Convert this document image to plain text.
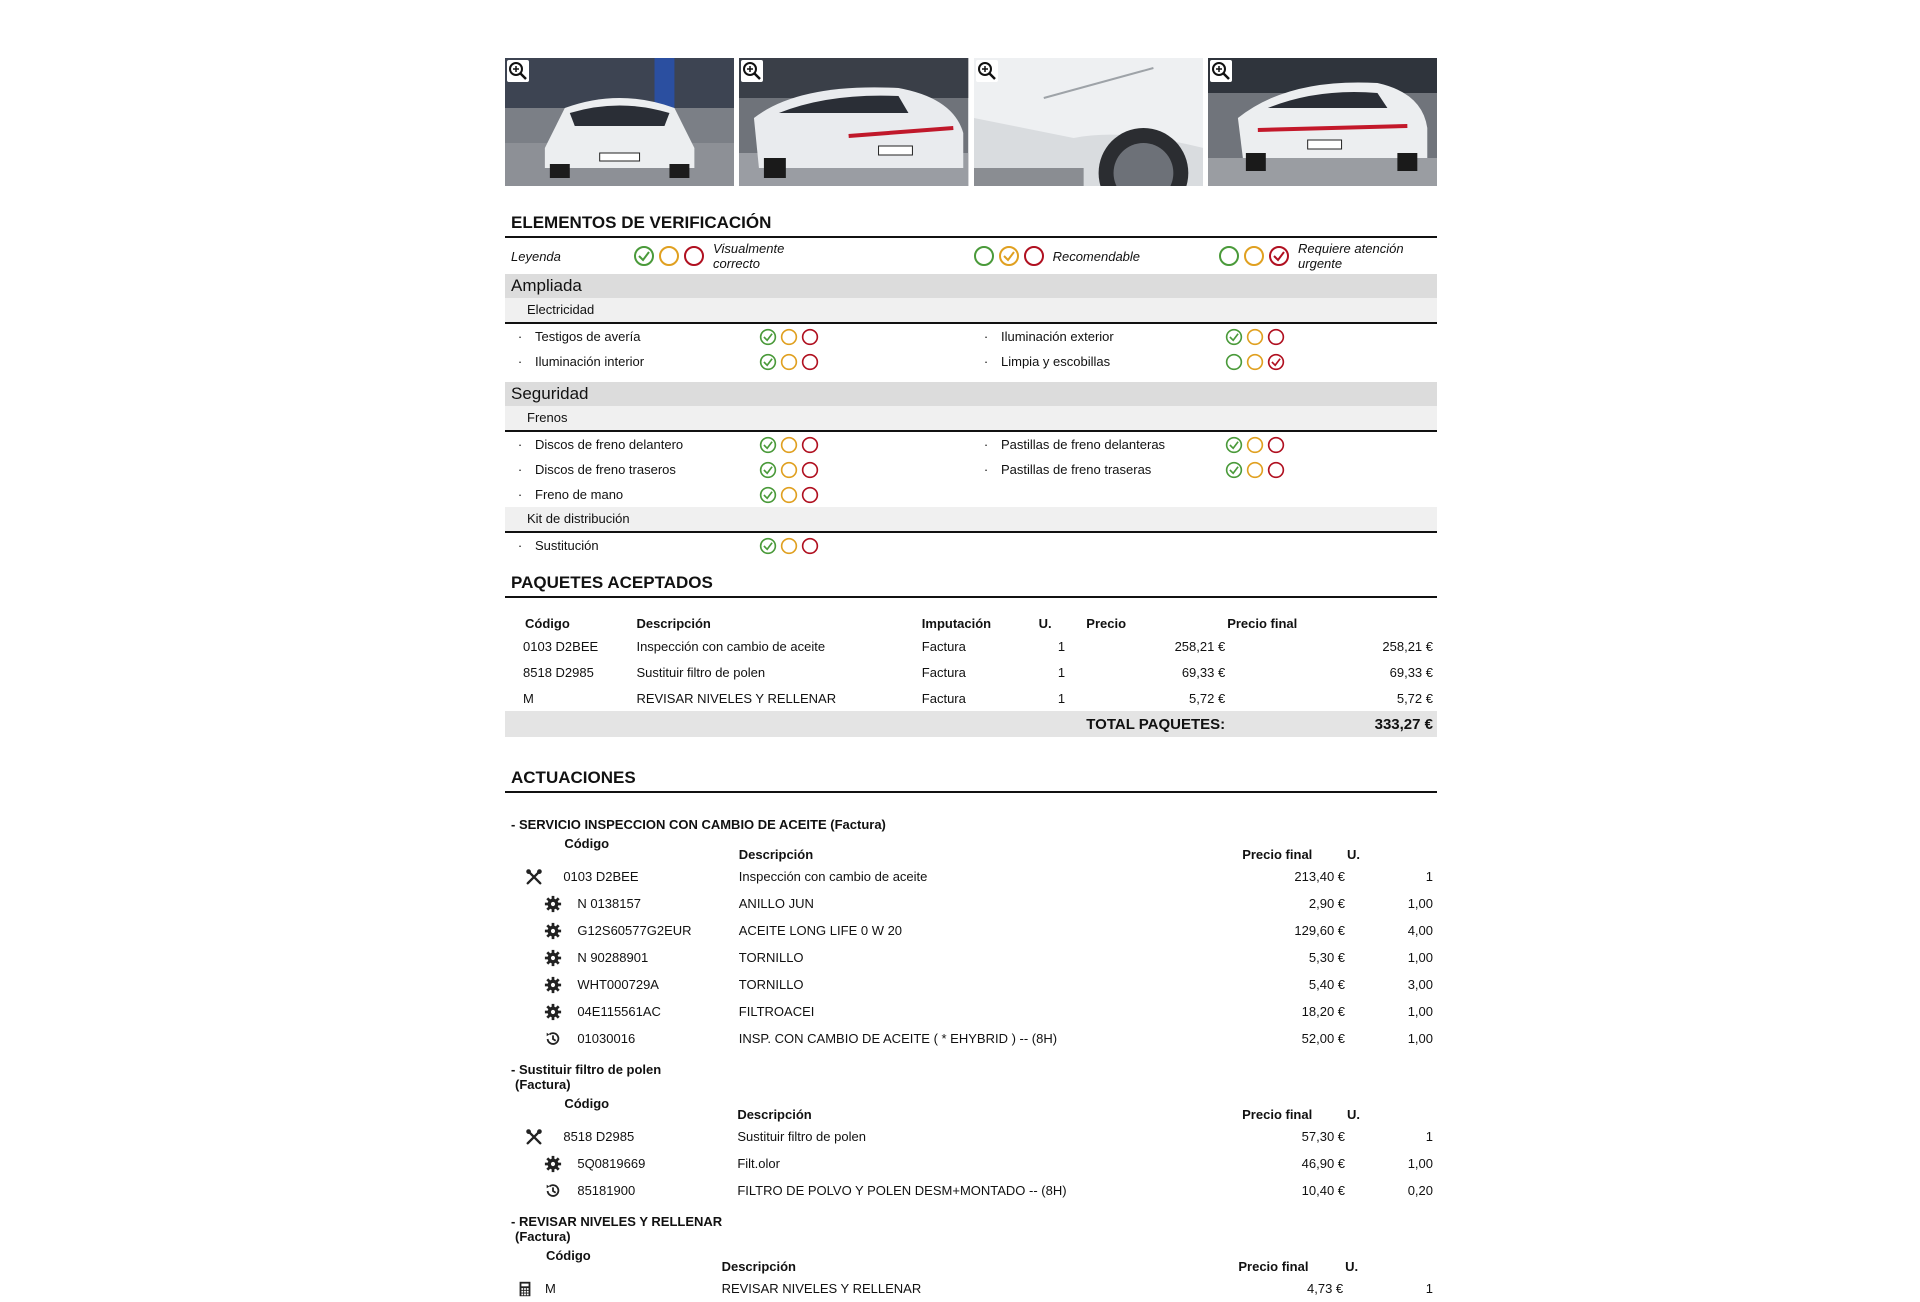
ELEMENTOS DE VERIFICACIÓN
Leyenda	Visualmente correcto	Recomendable	Requiere atención urgente
Ampliada
Electricidad
· Testigos de avería	· Iluminación exterior
· Iluminación interior	· Limpia y escobillas
Seguridad
Frenos
· Discos de freno delantero	· Pastillas de freno delanteras
· Discos de freno traseros	· Pastillas de freno traseras
· Freno de mano
Kit de distribución
· Sustitución
PAQUETES ACEPTADOS
Código	Descripción	Imputación	U.	Precio	Precio final
0103 D2BEE	Inspección con cambio de aceite	Factura	1	258,21 €	258,21 €
8518 D2985	Sustituir filtro de polen	Factura	1	69,33 €	69,33 €
M	REVISAR NIVELES Y RELLENAR	Factura	1	5,72 €	5,72 €
				TOTAL PAQUETES:	333,27 €
ACTUACIONES
- SERVICIO INSPECCION CON CAMBIO DE ACEITE (Factura)
	Código	Descripción	Precio final	U.
	0103 D2BEE	Inspección con cambio de aceite	213,40 €	1
	N 0138157	ANILLO JUN	2,90 €	1,00
	G12S60577G2EUR	ACEITE LONG LIFE 0 W 20	129,60 €	4,00
	N 90288901	TORNILLO	5,30 €	1,00
	WHT000729A	TORNILLO	5,40 €	3,00
	04E115561AC	FILTROACEI	18,20 €	1,00
	01030016	INSP. CON CAMBIO DE ACEITE ( * EHYBRID ) -- (8H)	52,00 €	1,00
- Sustituir filtro de polen
(Factura)
	Código	Descripción	Precio final	U.
	8518 D2985	Sustituir filtro de polen	57,30 €	1
	5Q0819669	Filt.olor	46,90 €	1,00
	85181900	FILTRO DE POLVO Y POLEN DESM+MONTADO -- (8H)	10,40 €	0,20
- REVISAR NIVELES Y RELLENAR
(Factura)
	Código	Descripción	Precio final	U.
	M	REVISAR NIVELES Y RELLENAR	4,73 €	1
